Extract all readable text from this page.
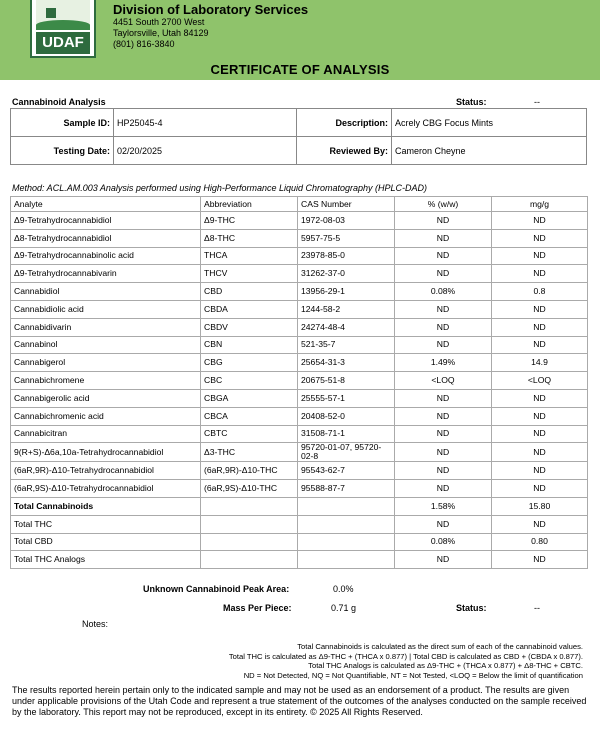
UDAF
Division of Laboratory Services
4451 South 2700 West
Taylorsville, Utah 84129
(801) 816-3840
CERTIFICATE OF ANALYSIS
Cannabinoid Analysis	Status:	--
Sample ID:	HP25045-4	Description:	Acrely CBG Focus Mints
Testing Date:	02/20/2025	Reviewed By:	Cameron Cheyne
Method: ACL.AM.003 Analysis performed using High-Performance Liquid Chromatography (HPLC-DAD)
Analyte	Abbreviation	CAS Number	% (w/w)	mg/g
Δ9-Tetrahydrocannabidiol	Δ9-THC	1972-08-03	ND	ND
Δ8-Tetrahydrocannabidiol	Δ8-THC	5957-75-5	ND	ND
Δ9-Tetrahydrocannabinolic acid	THCA	23978-85-0	ND	ND
Δ9-Tetrahydrocannabivarin	THCV	31262-37-0	ND	ND
Cannabidiol	CBD	13956-29-1	0.08%	0.8
Cannabidiolic acid	CBDA	1244-58-2	ND	ND
Cannabidivarin	CBDV	24274-48-4	ND	ND
Cannabinol	CBN	521-35-7	ND	ND
Cannabigerol	CBG	25654-31-3	1.49%	14.9
Cannabichromene	CBC	20675-51-8	<LOQ	<LOQ
Cannabigerolic acid	CBGA	25555-57-1	ND	ND
Cannabichromenic acid	CBCA	20408-52-0	ND	ND
Cannabicitran	CBTC	31508-71-1	ND	ND
9(R+S)-Δ6a,10a-Tetrahydrocannabidiol	Δ3-THC	95720-01-07, 95720-02-8	ND	ND
(6aR,9R)-Δ10-Tetrahydrocannabidiol	(6aR,9R)-Δ10-THC	95543-62-7	ND	ND
(6aR,9S)-Δ10-Tetrahydrocannabidiol	(6aR,9S)-Δ10-THC	95588-87-7	ND	ND
Total Cannabinoids			1.58%	15.80
Total THC			ND	ND
Total CBD			0.08%	0.80
Total THC Analogs			ND	ND
Unknown Cannabinoid Peak Area:	0.0%
Mass Per Piece:	0.71 g	Status:	--
Notes:
Total Cannabinoids is calculated as the direct sum of each of the cannabinoid values.
Total THC is calculated as Δ9-THC + (THCA x 0.877) | Total CBD is calculated as CBD + (CBDA x 0.877).
Total THC Analogs is calculated as Δ9-THC + (THCA x 0.877) + Δ8-THC + CBTC.
ND = Not Detected, NQ = Not Quantifiable, NT = Not Tested, <LOQ = Below the limit of quantification
The results reported herein pertain only to the indicated sample and may not be used as an endorsement of a product. The results are given under applicable provisions of the Utah Code and represent a true statement of the outcomes of the analyses conducted on the sample received by the laboratory. This report may not be reproduced, except in its entirety. © 2025 All Rights Reserved.
